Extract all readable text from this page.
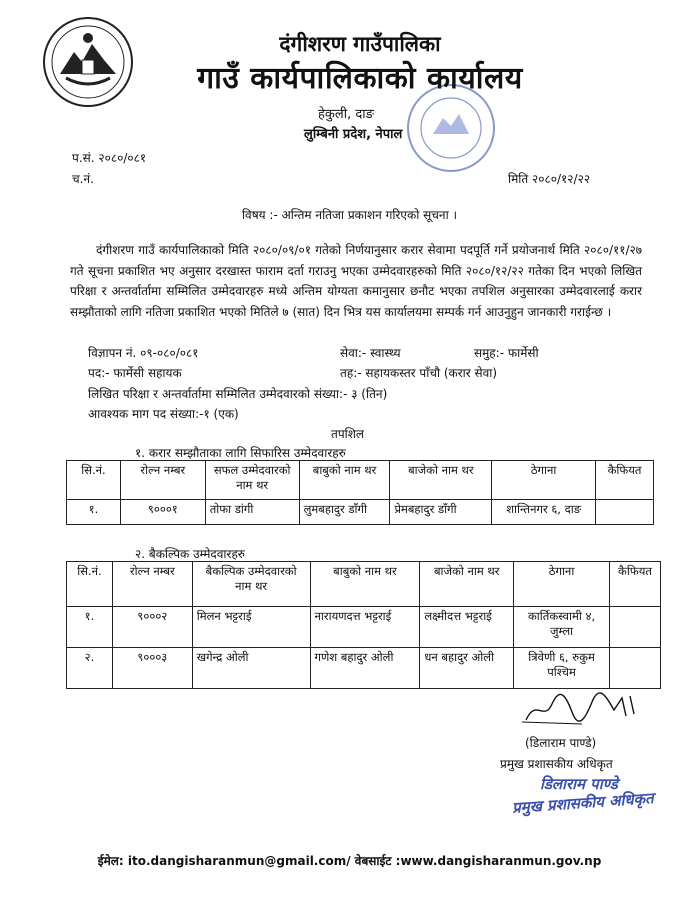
दंगीशरण गाउँपालिका
गाउँ कार्यपालिकाको कार्यालय
हेकुली, दाङ
लुम्बिनी प्रदेश, नेपाल
प.सं. २०८०/०८१
च.नं.	मिति २०८०/१२/२२
विषय :- अन्तिम नतिजा प्रकाशन गरिएको सूचना ।
दंगीशरण गाउँ कार्यपालिकाको मिति २०८०/०९/०१ गतेको निर्णयानुसार करार सेवामा पदपूर्ति गर्ने प्रयोजनार्थ मिति २०८०/११/२७ गते सूचना प्रकाशित भए अनुसार दरखास्त फाराम दर्ता गराउनु भएका उम्मेदवारहरुको मिति २०८०/१२/२२ गतेका दिन भएको लिखित परिक्षा र अन्तर्वार्तामा सम्मिलित उम्मेदवारहरु मध्ये अन्तिम योग्यता कमानुसार छनौट भएका तपशिल अनुसारका उम्मेदवारलाई करार सम्झौताको लागि नतिजा प्रकाशित भएको मितिले ७ (सात) दिन भित्र यस कार्यालयमा सम्पर्क गर्न आउनुहुन जानकारी गराईन्छ ।
विज्ञापन नं. ०९-०८०/०८१	सेवा:- स्वास्थ्य	समुह:- फार्मेसी
पद:- फार्मेसी सहायक	तह:- सहायकस्तर पाँचौ (करार सेवा)
लिखित परिक्षा र अन्तर्वार्तामा सम्मिलित उम्मेदवारको संख्या:- ३ (तिन)
आवश्यक माग पद संख्या:-१ (एक)
तपशिल
१. करार सम्झौताका लागि सिफारिस उम्मेदवारहरु
सि.नं.	रोल्न नम्बर	सफल उम्मेदवारको नाम थर	बाबुको नाम थर	बाजेको नाम थर	ठेगाना	कैफियत
१.	९०००१	तोफा डांगी	लुमबहादुर डाँगी	प्रेमबहादुर डाँगी	शान्तिनगर ६, दाङ	
२. बैकल्पिक उम्मेदवारहरु
सि.नं.	रोल्न नम्बर	बैकल्पिक उम्मेदवारको नाम थर	बाबुको नाम थर	बाजेको नाम थर	ठेगाना	कैफियत
१.	९०००२	मिलन भट्टराई	नारायणदत्त भट्टराई	लक्ष्मीदत्त भट्टराई	कार्तिकस्वामी ४, जुम्ला	
२.	९०००३	खगेन्द्र ओली	गणेश बहादुर ओली	धन बहादुर ओली	त्रिवेणी ६, रुकुम पश्चिम	
(डिलाराम पाण्डे)
प्रमुख प्रशासकीय अधिकृत
डिलाराम पाण्डे
प्रमुख प्रशासकीय अधिकृत
ईमेल: ito.dangisharanmun@gmail.com/ वेबसाईट :www.dangisharanmun.gov.np
